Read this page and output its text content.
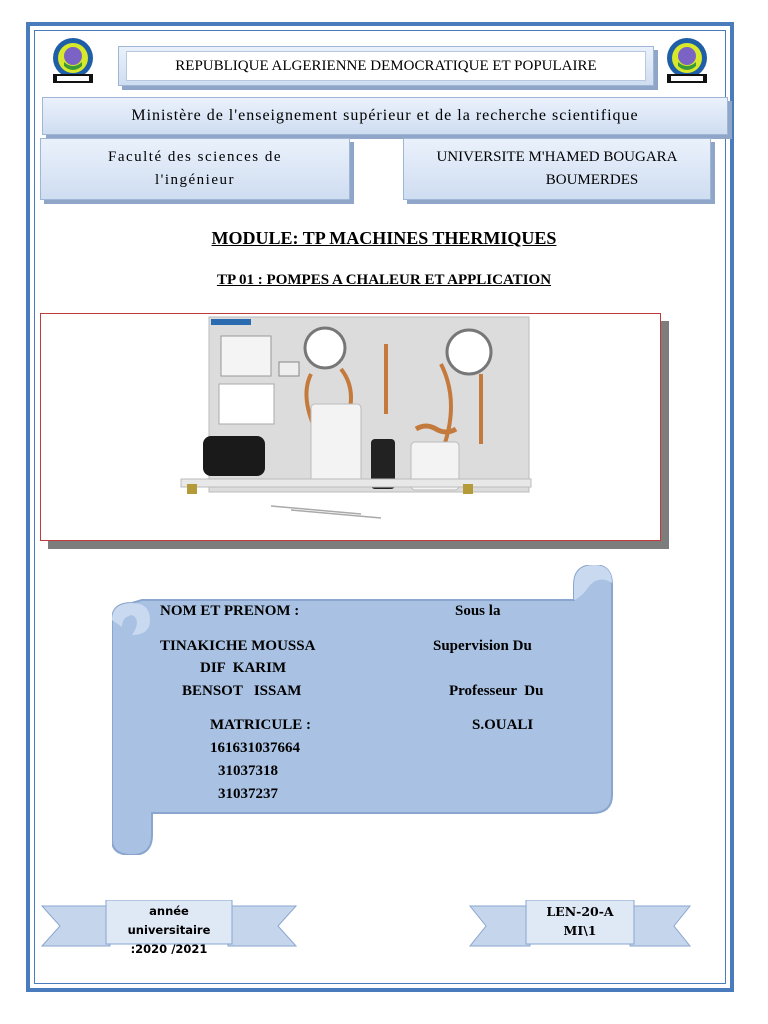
REPUBLIQUE ALGERIENNE DEMOCRATIQUE ET POPULAIRE
Ministère de l'enseignement supérieur et de la recherche scientifique
Faculté des sciences de
l'ingénieur
UNIVERSITE M'HAMED BOUGARA
BOUMERDES
MODULE: TP MACHINES THERMIQUES
TP 01 : POMPES A CHALEUR ET APPLICATION
NOM ET PRENOM :
TINAKICHE MOUSSA
DIF  KARIM
BENSOT   ISSAM
MATRICULE :
161631037664
31037318
31037237
Sous la
Supervision Du
Professeur  Du
S.OUALI
année universitaire
:2020 /2021
LEN-20-A
MI\1
